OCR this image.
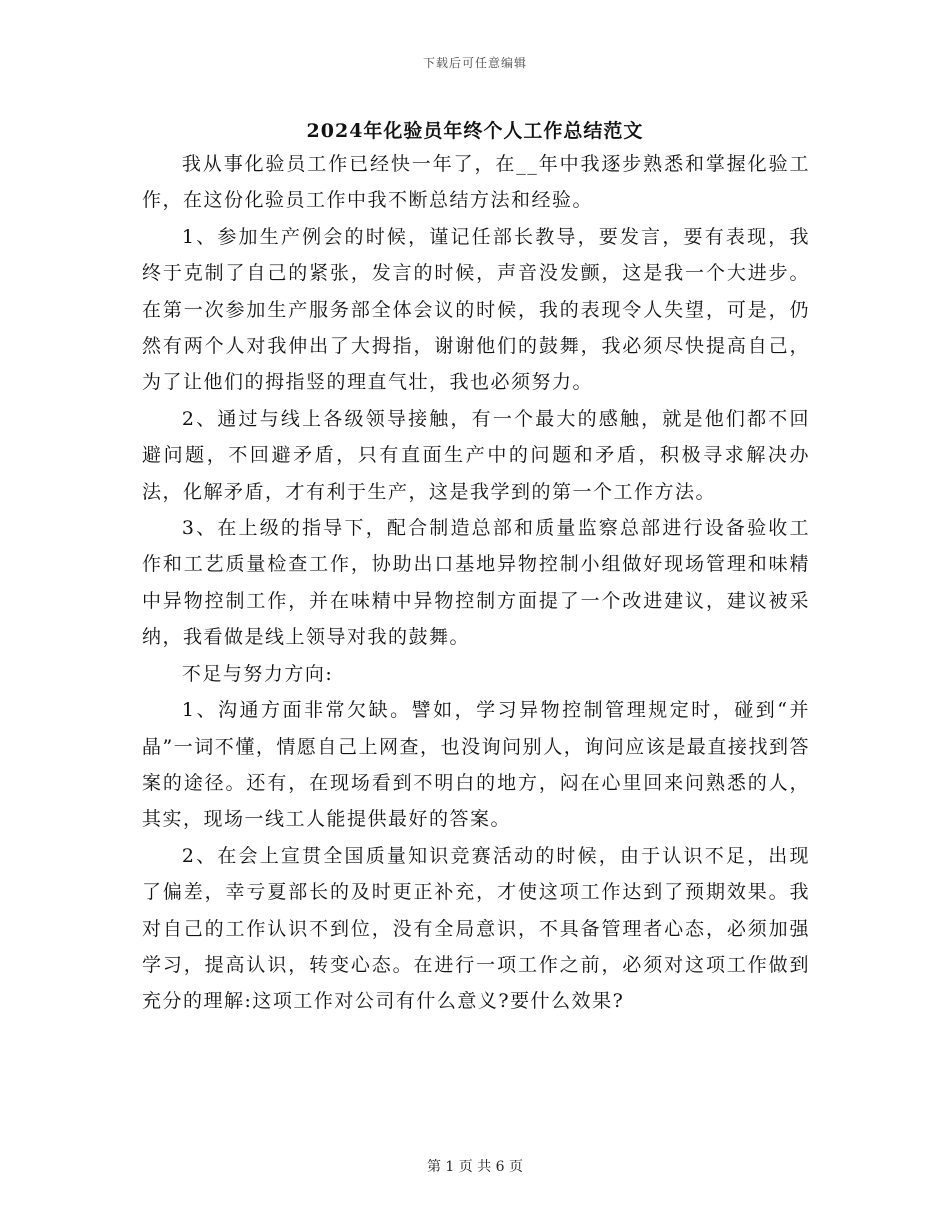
下载后可任意编辑
2024年化验员年终个人工作总结范文

我从事化验员工作已经快一年了，在__年中我逐步熟悉和掌握化验工作，在这份化验员工作中我不断总结方法和经验。

1、参加生产例会的时候，谨记任部长教导，要发言，要有表现，我终于克制了自己的紧张，发言的时候，声音没发颤，这是我一个大进步。在第一次参加生产服务部全体会议的时候，我的表现令人失望，可是，仍然有两个人对我伸出了大拇指，谢谢他们的鼓舞，我必须尽快提高自己，为了让他们的拇指竖的理直气壮，我也必须努力。

2、通过与线上各级领导接触，有一个最大的感触，就是他们都不回避问题，不回避矛盾，只有直面生产中的问题和矛盾，积极寻求解决办法，化解矛盾，才有利于生产，这是我学到的第一个工作方法。

3、在上级的指导下，配合制造总部和质量监察总部进行设备验收工作和工艺质量检查工作，协助出口基地异物控制小组做好现场管理和味精中异物控制工作，并在味精中异物控制方面提了一个改进建议，建议被采纳，我看做是线上领导对我的鼓舞。

不足与努力方向:

1、沟通方面非常欠缺。譬如，学习异物控制管理规定时，碰到“并晶”一词不懂，情愿自己上网查，也没询问别人，询问应该是最直接找到答案的途径。还有，在现场看到不明白的地方，闷在心里回来问熟悉的人，其实，现场一线工人能提供最好的答案。

2、在会上宣贯全国质量知识竞赛活动的时候，由于认识不足，出现了偏差，幸亏夏部长的及时更正补充，才使这项工作达到了预期效果。我对自己的工作认识不到位，没有全局意识，不具备管理者心态，必须加强学习，提高认识，转变心态。在进行一项工作之前，必须对这项工作做到充分的理解:这项工作对公司有什么意义?要什么效果?

第 1 页 共 6 页
